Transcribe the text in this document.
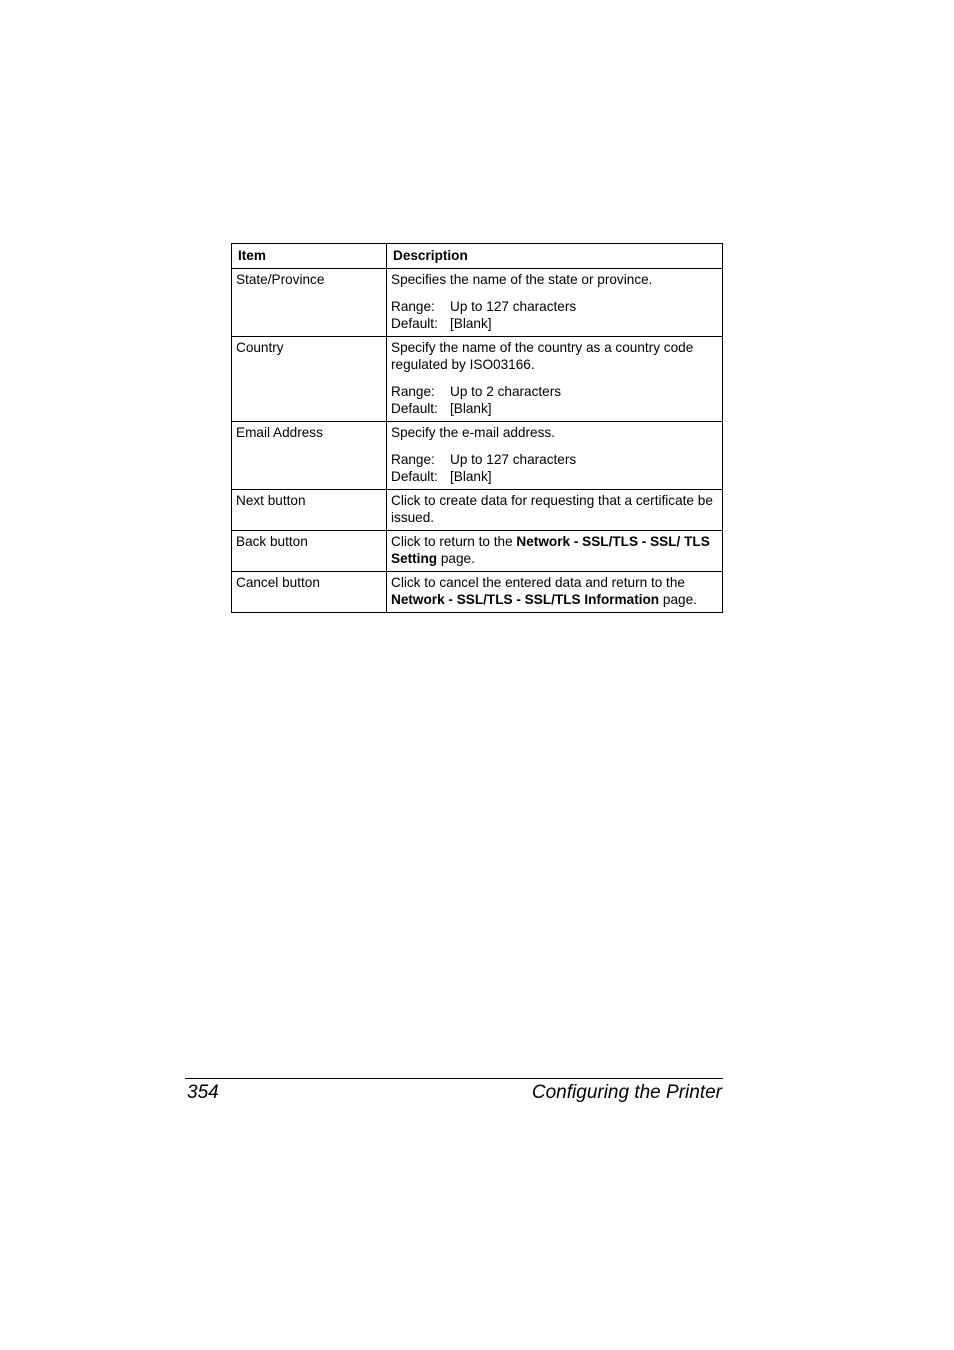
Item	Description
State/Province	Specifies the name of the state or province.

Range: Up to 127 characters

Default: [Blank]

Country	Specify the name of the country as a country code regulated by ISO03166.

Range: Up to 2 characters

Default: [Blank]

Email Address	Specify the e-mail address.

Range: Up to 127 characters

Default: [Blank]

Next button	Click to create data for requesting that a certificate be issued.

Back button	Click to return to the Network - SSL/TLS - SSL/ TLS Setting page.

Cancel button	Click to cancel the entered data and return to the Network - SSL/TLS - SSL/TLS Information page.

354	Configuring the Printer
